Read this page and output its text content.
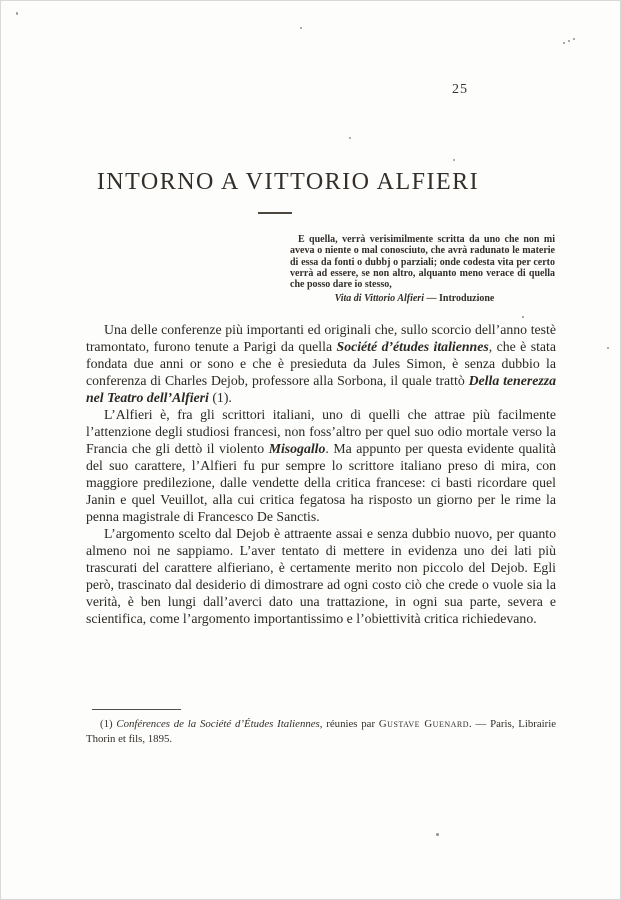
25
INTORNO A VITTORIO ALFIERI

E quella, verrà verisimilmente scritta da uno che non mi aveva o niente o mal conosciuto, che avrà radunato le materie di essa da fonti o dubbj o parziali; onde codesta vita per certo verrà ad essere, se non altro, alquanto meno verace di quella che posso dare io stesso,

Vita di Vittorio Alfieri — Introduzione

Una delle conferenze più importanti ed originali che, sullo scorcio dell’anno testè tramontato, furono tenute a Parigi da quella Société d’études italiennes, che è stata fondata due anni or sono e che è presieduta da Jules Simon, è senza dubbio la conferenza di Charles Dejob, professore alla Sorbona, il quale trattò Della tenerezza nel Teatro dell’Alfieri (1).

L’Alfieri è, fra gli scrittori italiani, uno di quelli che attrae più facilmente l’attenzione degli studiosi francesi, non foss’altro per quel suo odio mortale verso la Francia che gli dettò il violento Misogallo. Ma appunto per questa evidente qualità del suo carattere, l’Alfieri fu pur sempre lo scrittore italiano preso di mira, con maggiore predilezione, dalle vendette della critica francese: ci basti ricordare quel Janin e quel Veuillot, alla cui critica fegatosa ha risposto un giorno per le rime la penna magistrale di Francesco De Sanctis.

L’argomento scelto dal Dejob è attraente assai e senza dubbio nuovo, per quanto almeno noi ne sappiamo. L’aver tentato di mettere in evidenza uno dei lati più trascurati del carattere alfieriano, è certamente merito non piccolo del Dejob. Egli però, trascinato dal desiderio di dimostrare ad ogni costo ciò che crede o vuole sia la verità, è ben lungi dall’averci dato una trattazione, in ogni sua parte, severa e scientifica, come l’argomento importantissimo e l’obiettività critica richiedevano.

(1) Conférences de la Société d’Études Italiennes, réunies par Gustave Guenard. — Paris, Librairie Thorin et fils, 1895.
